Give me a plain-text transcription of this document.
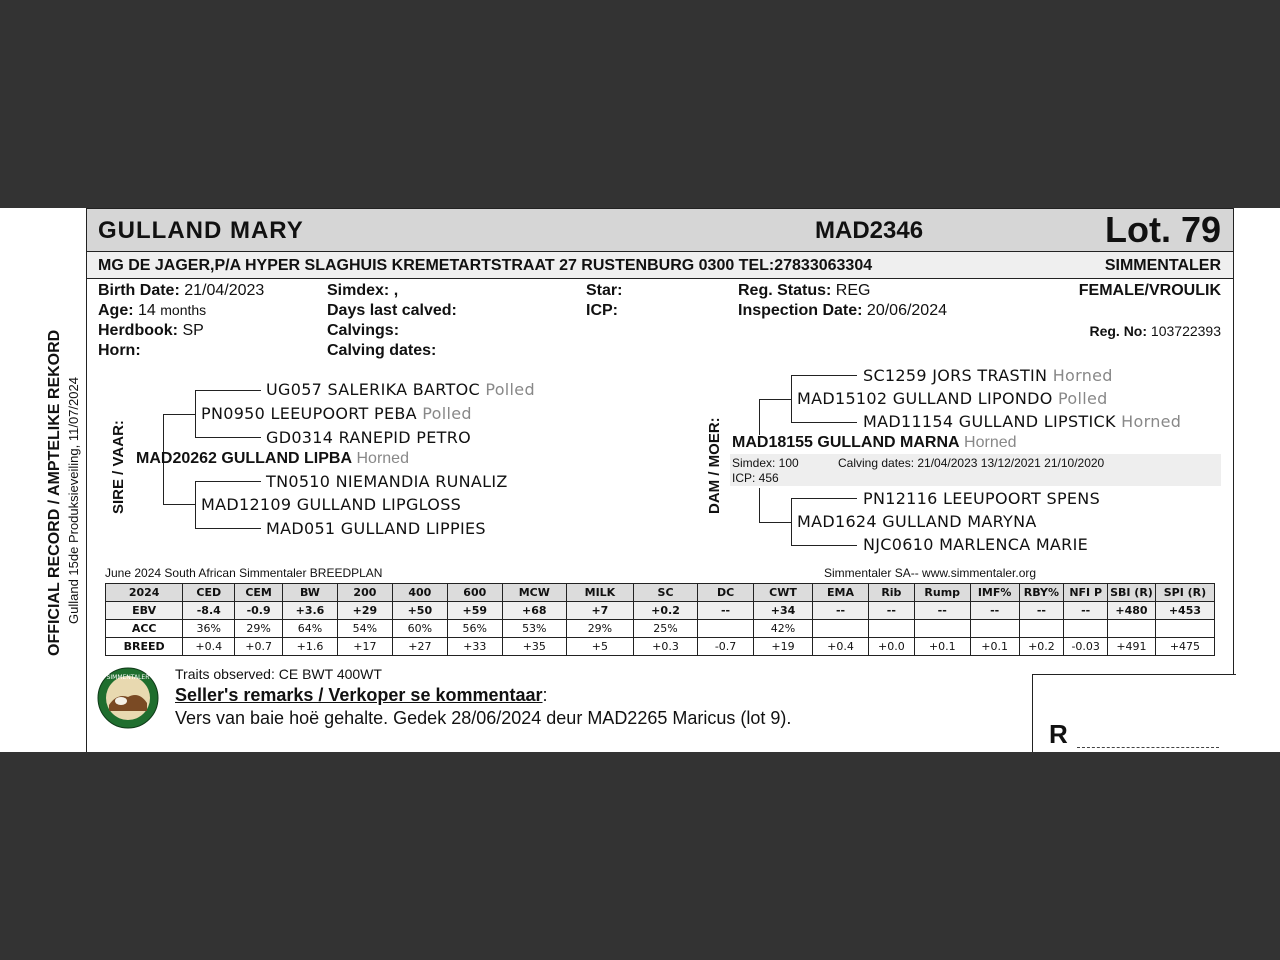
OFFICIAL RECORD / AMPTELIKE REKORD Gulland 15de Produksieveiling, 11/07/2024
GULLAND MARY	MAD2346	Lot. 79
MG DE JAGER,P/A HYPER SLAGHUIS KREMETARTSTRAAT 27 RUSTENBURG 0300 TEL:27833063304	SIMMENTALER
Birth Date: 21/04/2023
Age: 14 months
Herdbook: SP
Horn:
Simdex: ,
Days last calved:
Calvings:
Calving dates:
Star:
ICP:
Reg. Status: REG
Inspection Date: 20/06/2024
FEMALE/VROULIK
Reg. No: 103722393
SIRE / VAAR:
UG057 SALERIKA BARTOC Polled
PN0950 LEEUPOORT PEBA Polled
GD0314 RANEPID PETRO
MAD20262 GULLAND LIPBA Horned
TN0510 NIEMANDIA RUNALIZ
MAD12109 GULLAND LIPGLOSS
MAD051 GULLAND LIPPIES
DAM / MOER:
SC1259 JORS TRASTIN Horned
MAD15102 GULLAND LIPONDO Polled
MAD11154 GULLAND LIPSTICK Horned
MAD18155 GULLAND MARNA Horned
Simdex: 100	Calving dates: 21/04/2023 13/12/2021 21/10/2020
ICP: 456
PN12116 LEEUPOORT SPENS
MAD1624 GULLAND MARYNA
NJC0610 MARLENCA MARIE
June 2024 South African Simmentaler BREEDPLAN	Simmentaler SA-- www.simmentaler.org
2024	CED	CEM	BW	200	400	600	MCW	MILK	SC	DC	CWT	EMA	Rib	Rump	IMF%	RBY%	NFI P	SBI (R)	SPI (R)
EBV	-8.4	-0.9	+3.6	+29	+50	+59	+68	+7	+0.2	--	+34	--	--	--	--	--	--	+480	+453
ACC	36%	29%	64%	54%	60%	56%	53%	29%	25%		42%								
BREED	+0.4	+0.7	+1.6	+17	+27	+33	+35	+5	+0.3	-0.7	+19	+0.4	+0.0	+0.1	+0.1	+0.2	-0.03	+491	+475
SIMMENTALER Traits observed: CE BWT 400WT
Seller's remarks / Verkoper se kommentaar:
Vers van baie hoë gehalte. Gedek 28/06/2024 deur MAD2265 Maricus (lot 9).
R
